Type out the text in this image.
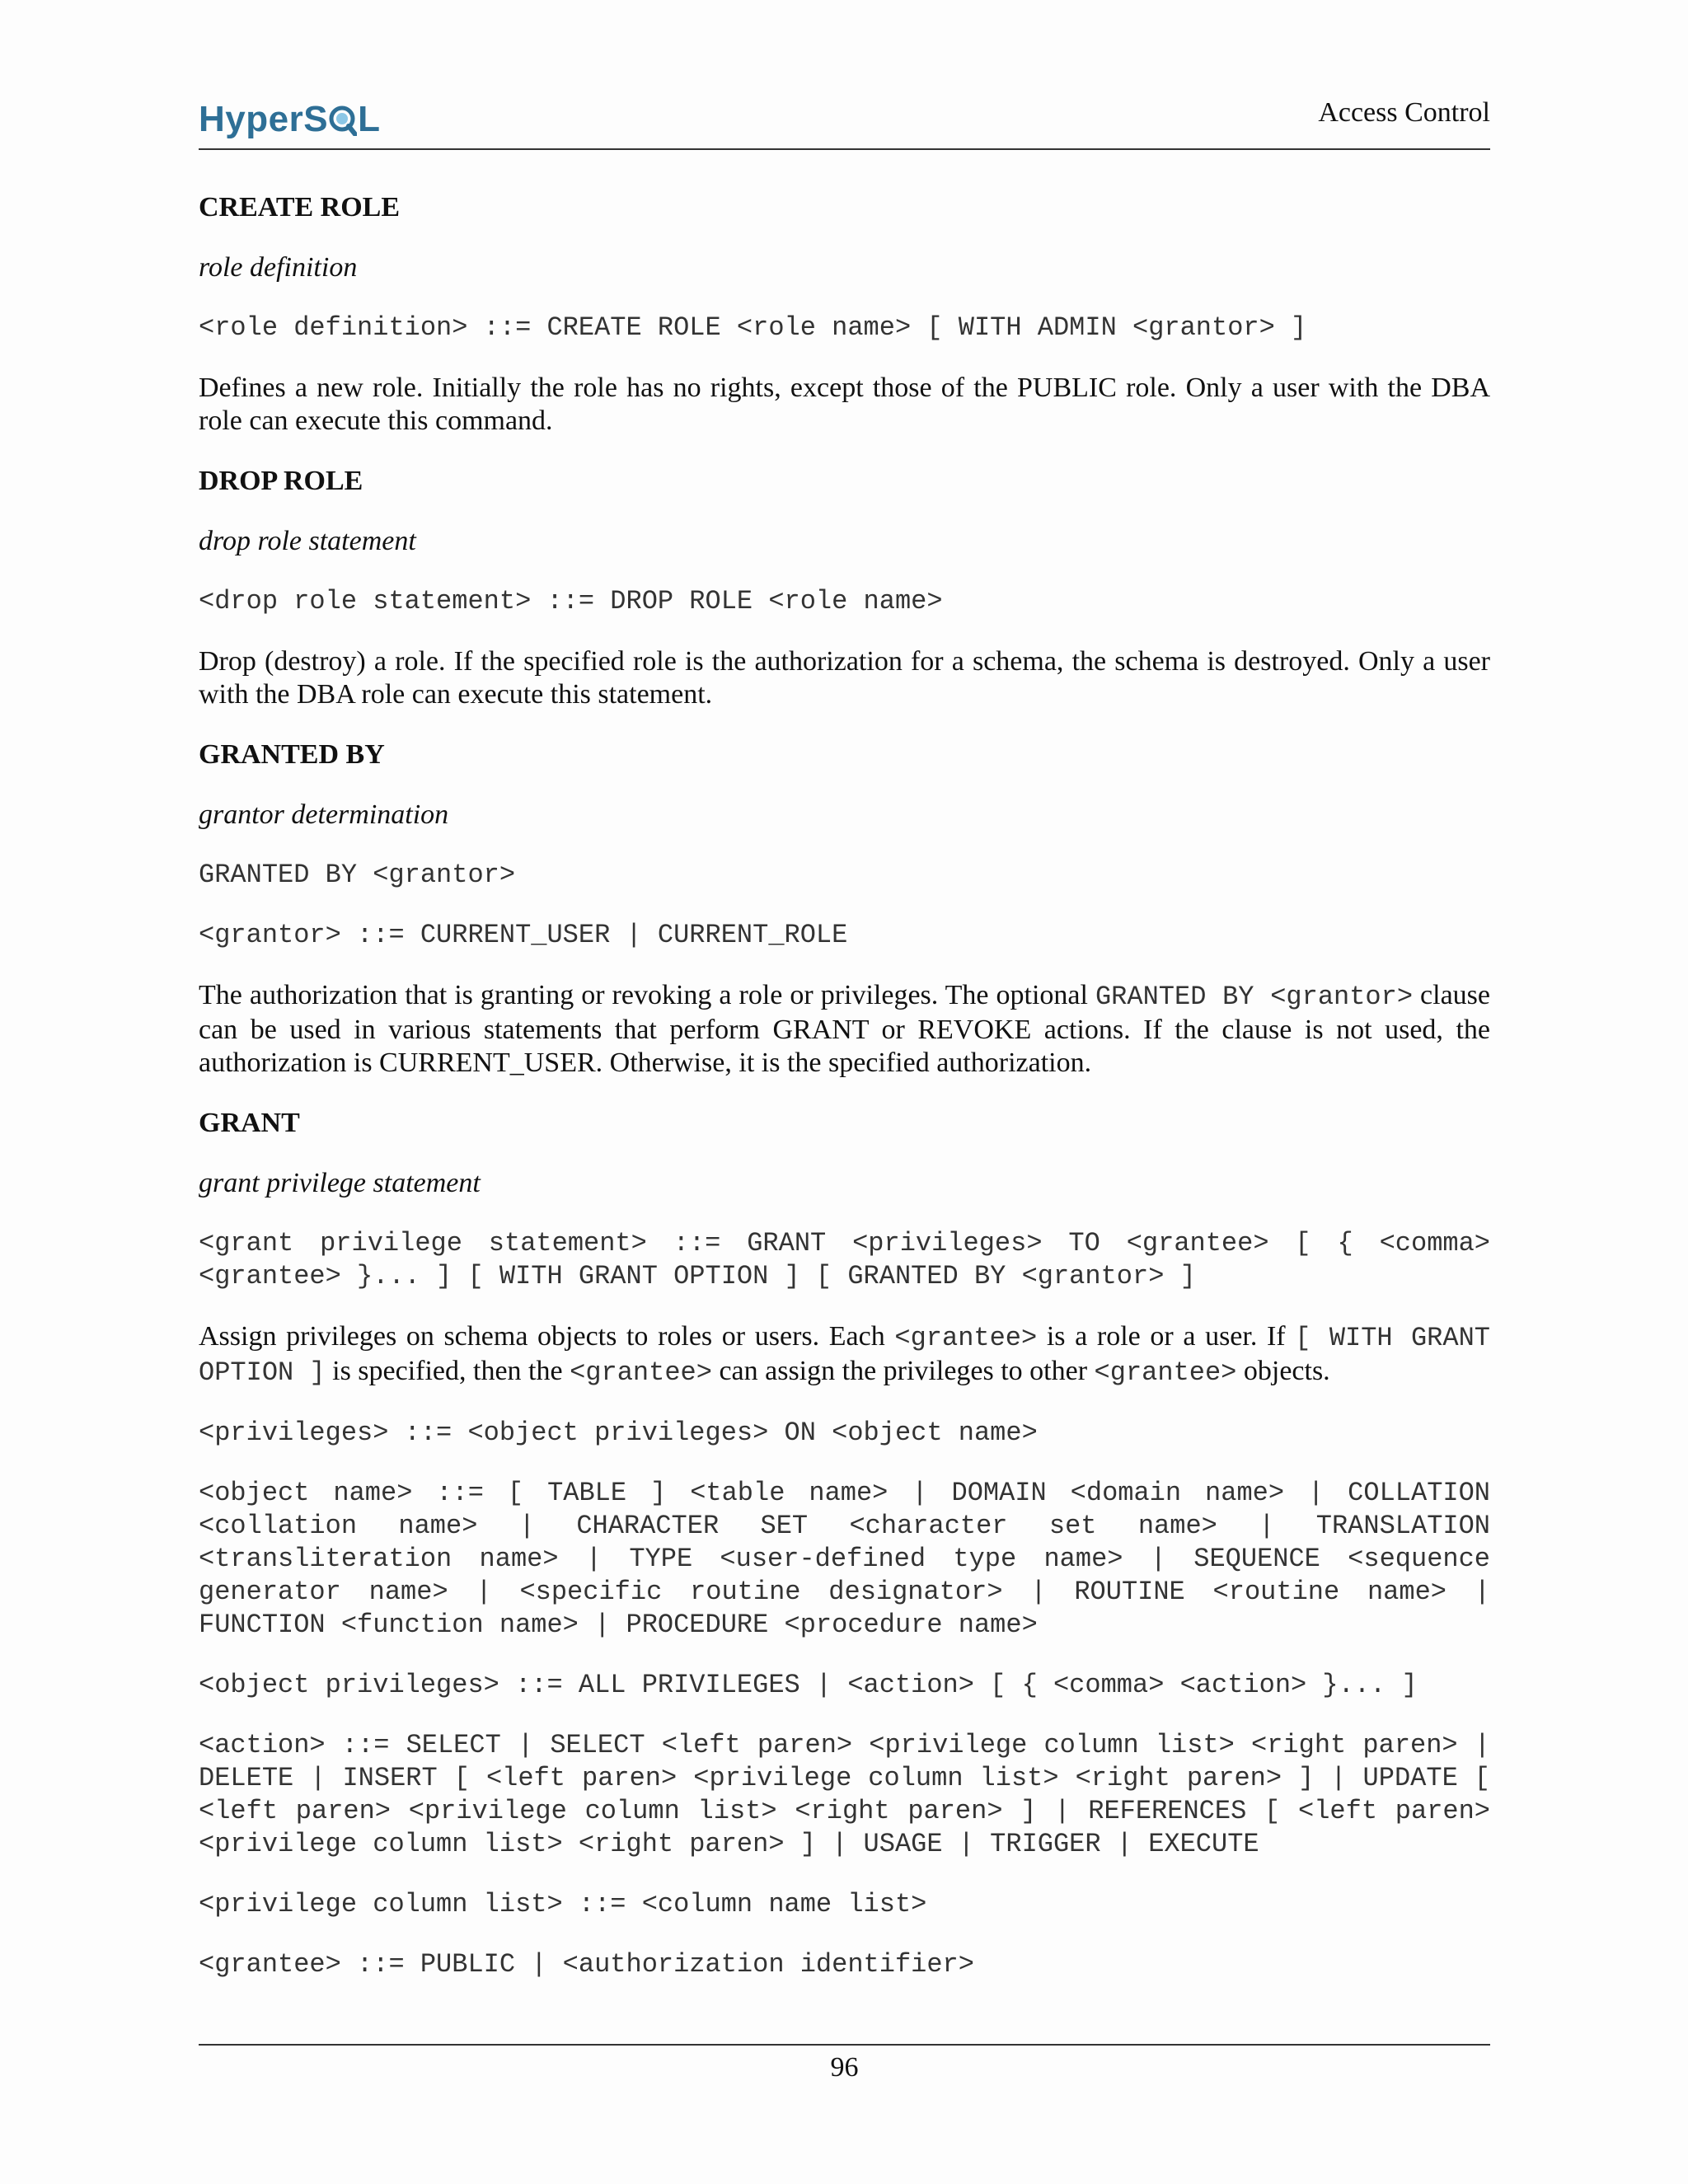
HyperS L	Access Control
CREATE ROLE
role definition
<role definition> ::= CREATE ROLE <role name> [ WITH ADMIN <grantor> ]
Defines a new role. Initially the role has no rights, except those of the PUBLIC role. Only a user with the DBA role can execute this command.
DROP ROLE
drop role statement
<drop role statement> ::= DROP ROLE <role name>
Drop (destroy) a role. If the specified role is the authorization for a schema, the schema is destroyed. Only a user with the DBA role can execute this statement.
GRANTED BY
grantor determination
GRANTED BY <grantor>
<grantor> ::= CURRENT_USER | CURRENT_ROLE
The authorization that is granting or revoking a role or privileges. The optional GRANTED BY <grantor> clause can be used in various statements that perform GRANT or REVOKE actions. If the clause is not used, the authorization is CURRENT_USER. Otherwise, it is the specified authorization.
GRANT
grant privilege statement
<grant privilege statement> ::= GRANT <privileges> TO <grantee> [ { <comma> <grantee> }... ] [ WITH GRANT OPTION ] [ GRANTED BY <grantor> ]
Assign privileges on schema objects to roles or users. Each <grantee> is a role or a user. If [ WITH GRANT OPTION ] is specified, then the <grantee> can assign the privileges to other <grantee> objects.
<privileges> ::= <object privileges> ON <object name>
<object name> ::= [ TABLE ] <table name> | DOMAIN <domain name> | COLLATION <collation name> | CHARACTER SET <character set name> | TRANSLATION <transliteration name> | TYPE <user-defined type name> | SEQUENCE <sequence generator name> | <specific routine designator> | ROUTINE <routine name> | FUNCTION <function name> | PROCEDURE <procedure name>
<object privileges> ::= ALL PRIVILEGES | <action> [ { <comma> <action> }... ]
<action> ::= SELECT | SELECT <left paren> <privilege column list> <right paren> | DELETE | INSERT [ <left paren> <privilege column list> <right paren> ] | UPDATE [ <left paren> <privilege column list> <right paren> ] | REFERENCES [ <left paren> <privilege column list> <right paren> ] | USAGE | TRIGGER | EXECUTE
<privilege column list> ::= <column name list>
<grantee> ::= PUBLIC | <authorization identifier>
96
